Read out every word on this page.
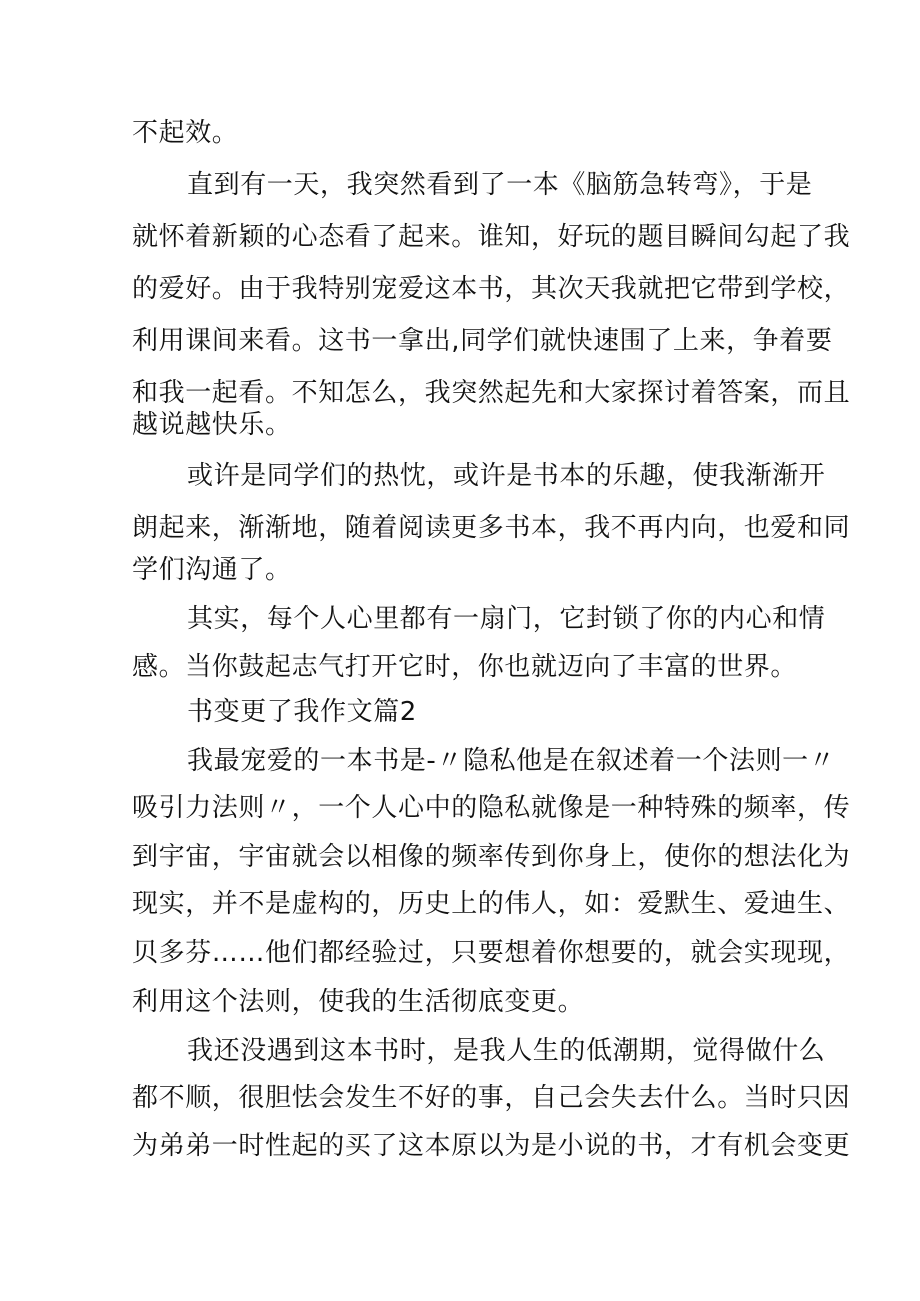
不起效。
直到有一天，我突然看到了一本《脑筋急转弯》，于是
就怀着新颖的心态看了起来。谁知，好玩的题目瞬间勾起了我
的爱好。由于我特别宠爱这本书，其次天我就把它带到学校，
利用课间来看。这书一拿出,同学们就快速围了上来，争着要
和我一起看。不知怎么，我突然起先和大家探讨着答案，而且
越说越快乐。
或许是同学们的热忱，或许是书本的乐趣，使我渐渐开
朗起来，渐渐地，随着阅读更多书本，我不再内向，也爱和同
学们沟通了。
其实，每个人心里都有一扇门，它封锁了你的内心和情
感。当你鼓起志气打开它时，你也就迈向了丰富的世界。
书变更了我作文篇2
我最宠爱的一本书是-〃隐私他是在叙述着一个法则一〃
吸引力法则〃，一个人心中的隐私就像是一种特殊的频率，传
到宇宙，宇宙就会以相像的频率传到你身上，使你的想法化为
现实，并不是虚构的，历史上的伟人，如：爱默生、爱迪生、
贝多芬……他们都经验过，只要想着你想要的，就会实现现，
利用这个法则，使我的生活彻底变更。
我还没遇到这本书时，是我人生的低潮期，觉得做什么
都不顺，很胆怯会发生不好的事，自己会失去什么。当时只因
为弟弟一时性起的买了这本原以为是小说的书，才有机会变更
